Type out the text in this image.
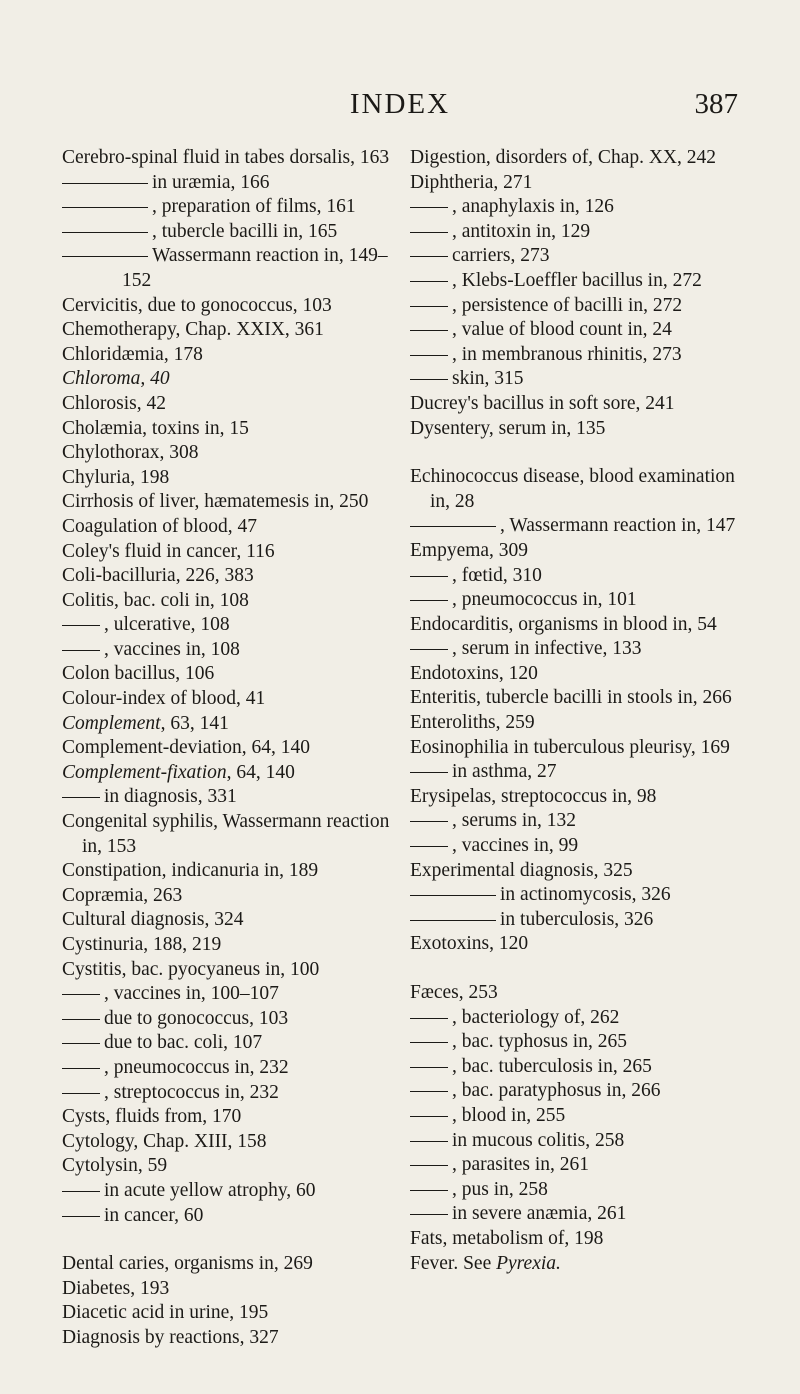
INDEX	387
Cerebro-spinal fluid in tabes dorsalis, 163
in uræmia, 166
, preparation of films, 161
, tubercle bacilli in, 165
Wassermann reaction in, 149–152
Cervicitis, due to gonococcus, 103
Chemotherapy, Chap. XXIX, 361
Chloridæmia, 178
Chloroma, 40
Chlorosis, 42
Cholæmia, toxins in, 15
Chylothorax, 308
Chyluria, 198
Cirrhosis of liver, hæmatemesis in, 250
Coagulation of blood, 47
Coley's fluid in cancer, 116
Coli-bacilluria, 226, 383
Colitis, bac. coli in, 108
, ulcerative, 108
, vaccines in, 108
Colon bacillus, 106
Colour-index of blood, 41
Complement, 63, 141
Complement-deviation, 64, 140
Complement-fixation, 64, 140
in diagnosis, 331
Congenital syphilis, Wassermann reaction in, 153
Constipation, indicanuria in, 189
Copræmia, 263
Cultural diagnosis, 324
Cystinuria, 188, 219
Cystitis, bac. pyocyaneus in, 100
, vaccines in, 100–107
due to gonococcus, 103
due to bac. coli, 107
, pneumococcus in, 232
, streptococcus in, 232
Cysts, fluids from, 170
Cytology, Chap. XIII, 158
Cytolysin, 59
in acute yellow atrophy, 60
in cancer, 60
Dental caries, organisms in, 269
Diabetes, 193
Diacetic acid in urine, 195
Diagnosis by reactions, 327
Digestion, disorders of, Chap. XX, 242
Diphtheria, 271
, anaphylaxis in, 126
, antitoxin in, 129
carriers, 273
, Klebs-Loeffler bacillus in, 272
, persistence of bacilli in, 272
, value of blood count in, 24
, in membranous rhinitis, 273
skin, 315
Ducrey's bacillus in soft sore, 241
Dysentery, serum in, 135
Echinococcus disease, blood examination in, 28
, Wassermann reaction in, 147
Empyema, 309
, fœtid, 310
, pneumococcus in, 101
Endocarditis, organisms in blood in, 54
, serum in infective, 133
Endotoxins, 120
Enteritis, tubercle bacilli in stools in, 266
Enteroliths, 259
Eosinophilia in tuberculous pleurisy, 169
in asthma, 27
Erysipelas, streptococcus in, 98
, serums in, 132
, vaccines in, 99
Experimental diagnosis, 325
in actinomycosis, 326
in tuberculosis, 326
Exotoxins, 120
Fæces, 253
, bacteriology of, 262
, bac. typhosus in, 265
, bac. tuberculosis in, 265
, bac. paratyphosus in, 266
, blood in, 255
in mucous colitis, 258
, parasites in, 261
, pus in, 258
in severe anæmia, 261
Fats, metabolism of, 198
Fever. See Pyrexia.
